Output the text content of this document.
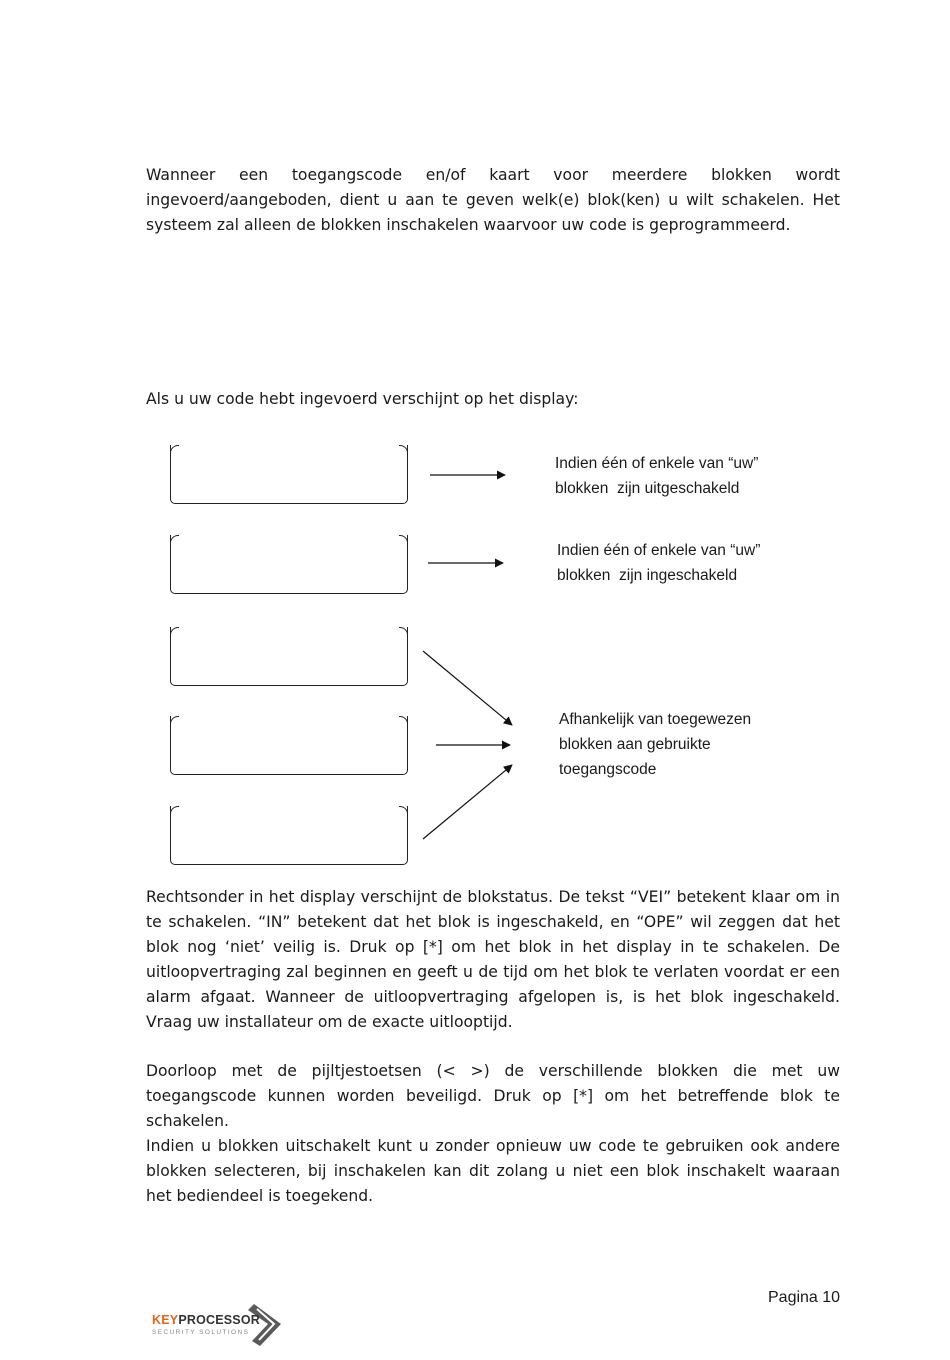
Wanneer een toegangscode en/of kaart voor meerdere blokken wordt ingevoerd/aangeboden, dient u aan te geven welk(e) blok(ken) u wilt schakelen. Het systeem zal alleen de blokken inschakelen waarvoor uw code is geprogrammeerd.

Als u uw code hebt ingevoerd verschijnt op het display:

Indien één of enkele van “uw”
blokken  zijn uitgeschakeld
Indien één of enkele van “uw”
blokken  zijn ingeschakeld
Afhankelijk van toegewezen
blokken aan gebruikte
toegangscode

Rechtsonder in het display verschijnt de blokstatus. De tekst “VEI” betekent klaar om in te schakelen. “IN” betekent dat het blok is ingeschakeld, en “OPE” wil zeggen dat het blok nog ‘niet’ veilig is. Druk op [*] om het blok in het display in te schakelen. De uitloopvertraging zal beginnen en geeft u de tijd om het blok te verlaten voordat er een alarm afgaat. Wanneer de uitloopvertraging afgelopen is, is het blok ingeschakeld. Vraag uw installateur om de exacte uitlooptijd.

Doorloop met de pijltjestoetsen (< >) de verschillende blokken die met uw toegangscode kunnen worden beveiligd. Druk op [*] om het betreffende blok te schakelen.

Indien u blokken uitschakelt kunt u zonder opnieuw uw code te gebruiken ook andere blokken selecteren, bij inschakelen kan dit zolang u niet een blok inschakelt waaraan het bediendeel is toegekend.

Pagina 10
KEYPROCESSOR
SECURITY SOLUTIONS
